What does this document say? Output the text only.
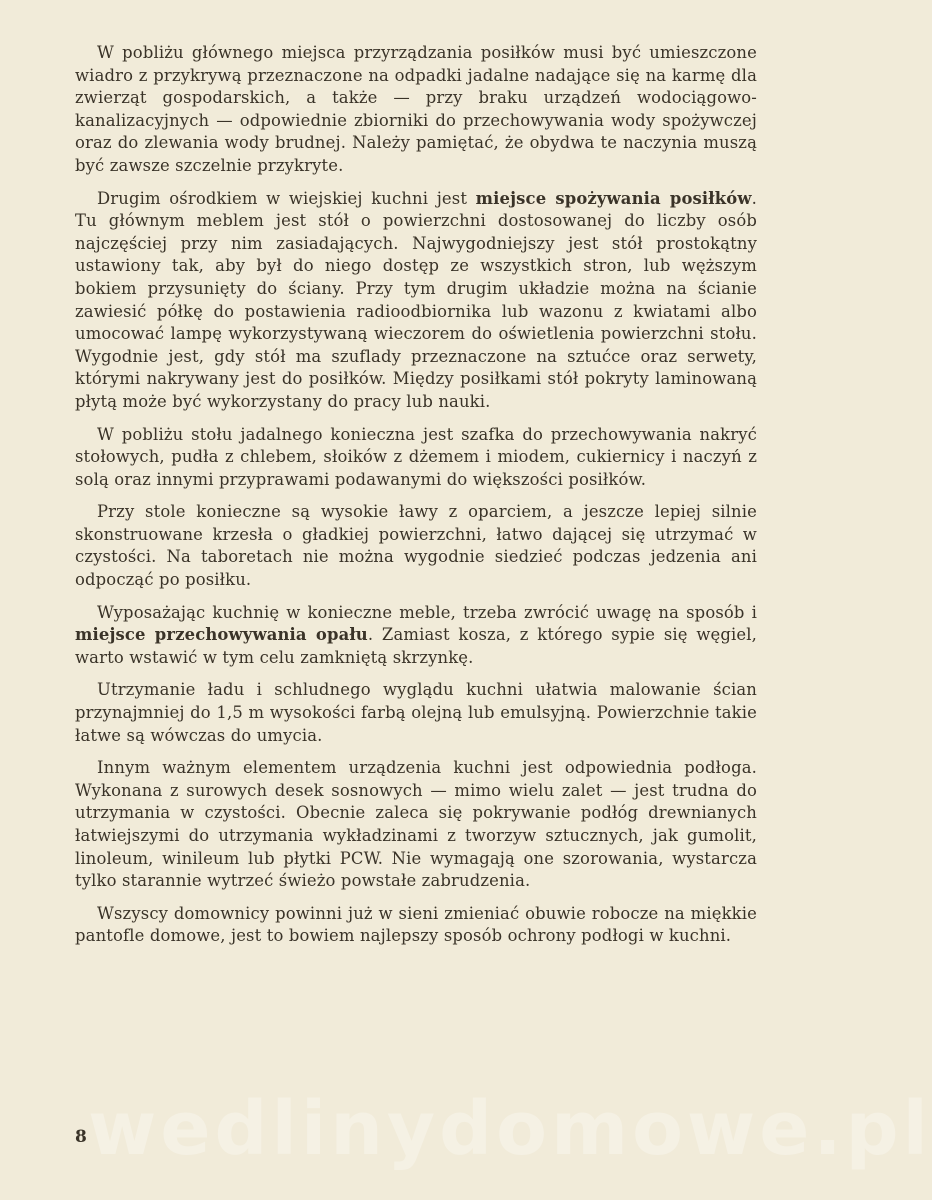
W pobliżu głównego miejsca przyrządzania posiłków musi być umieszczone wiadro z przykrywą przeznaczone na odpadki jadalne nadające się na karmę dla zwierząt gospodarskich, a także — przy braku urządzeń wodociągowo-kanalizacyjnych — odpowiednie zbiorniki do przechowywania wody spożywczej oraz do zlewania wody brudnej. Należy pamiętać, że obydwa te naczynia muszą być zawsze szczelnie przykryte.

Drugim ośrodkiem w wiejskiej kuchni jest miejsce spożywania posiłków. Tu głównym meblem jest stół o powierzchni dostosowanej do liczby osób najczęściej przy nim zasiadających. Najwygodniejszy jest stół prostokątny ustawiony tak, aby był do niego dostęp ze wszystkich stron, lub węższym bokiem przysunięty do ściany. Przy tym drugim układzie można na ścianie zawiesić półkę do postawienia radioodbiornika lub wazonu z kwiatami albo umocować lampę wykorzystywaną wieczorem do oświetlenia powierzchni stołu. Wygodnie jest, gdy stół ma szuflady przeznaczone na sztućce oraz serwety, którymi nakrywany jest do posiłków. Między posiłkami stół pokryty laminowaną płytą może być wykorzystany do pracy lub nauki.

W pobliżu stołu jadalnego konieczna jest szafka do przechowywania nakryć stołowych, pudła z chlebem, słoików z dżemem i miodem, cukiernicy i naczyń z solą oraz innymi przyprawami podawanymi do większości posiłków.

Przy stole konieczne są wysokie ławy z oparciem, a jeszcze lepiej silnie skonstruowane krzesła o gładkiej powierzchni, łatwo dającej się utrzymać w czystości. Na taboretach nie można wygodnie siedzieć podczas jedzenia ani odpocząć po posiłku.

Wyposażając kuchnię w konieczne meble, trzeba zwrócić uwagę na sposób i miejsce przechowywania opału. Zamiast kosza, z którego sypie się węgiel, warto wstawić w tym celu zamkniętą skrzynkę.

Utrzymanie ładu i schludnego wyglądu kuchni ułatwia malowanie ścian przynajmniej do 1,5 m wysokości farbą olejną lub emulsyjną. Powierzchnie takie łatwe są wówczas do umycia.

Innym ważnym elementem urządzenia kuchni jest odpowiednia podłoga. Wykonana z surowych desek sosnowych — mimo wielu zalet — jest trudna do utrzymania w czystości. Obecnie zaleca się pokrywanie podłóg drewnianych łatwiejszymi do utrzymania wykładzinami z tworzyw sztucznych, jak gumolit, linoleum, winileum lub płytki PCW. Nie wymagają one szorowania, wystarcza tylko starannie wytrzeć świeżo powstałe zabrudzenia.

Wszyscy domownicy powinni już w sieni zmieniać obuwie robocze na miękkie pantofle domowe, jest to bowiem najlepszy sposób ochrony podłogi w kuchni.

wedlinydomowe.pl
8
